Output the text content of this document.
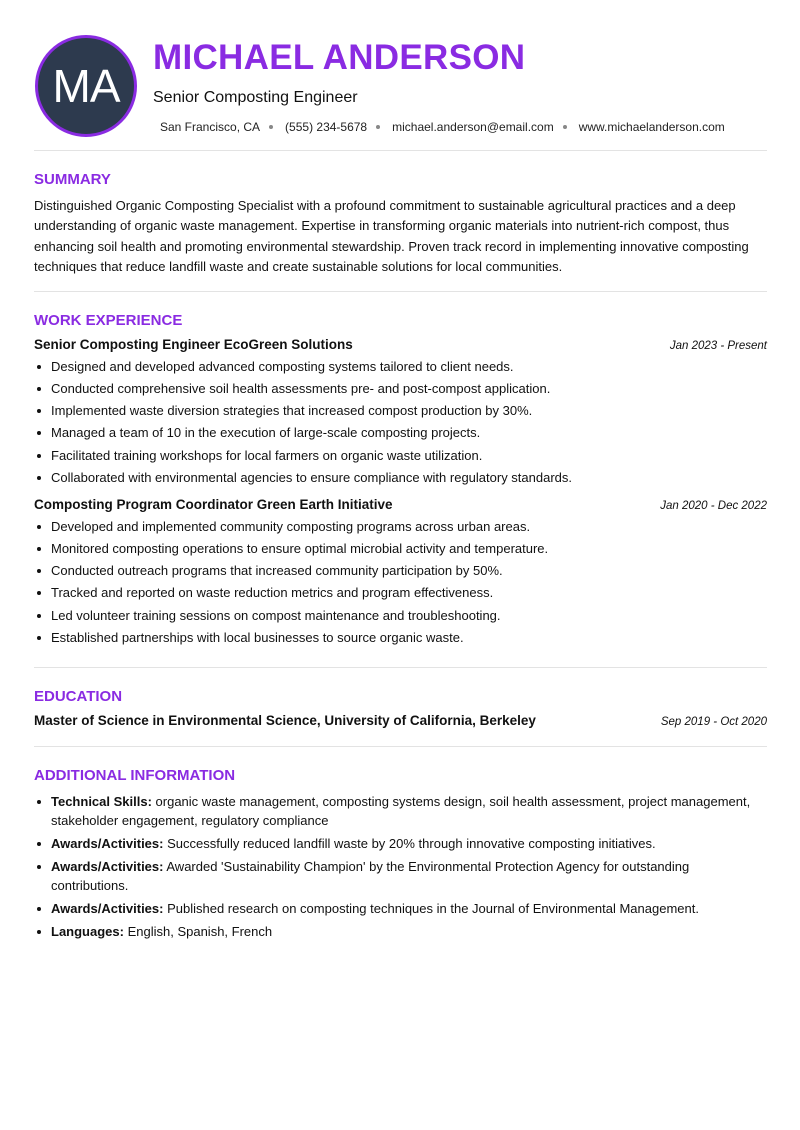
MA
MICHAEL ANDERSON
Senior Composting Engineer
San Francisco, CA (555) 234-5678 michael.anderson@email.com www.michaelanderson.com
SUMMARY

Distinguished Organic Composting Specialist with a profound commitment to sustainable agricultural practices and a deep understanding of organic waste management. Expertise in transforming organic materials into nutrient-rich compost, thus enhancing soil health and promoting environmental stewardship. Proven track record in implementing innovative composting techniques that reduce landfill waste and create sustainable solutions for local communities.

WORK EXPERIENCE
Senior Composting Engineer EcoGreen Solutions	Jan 2023 - Present
Designed and developed advanced composting systems tailored to client needs.
Conducted comprehensive soil health assessments pre- and post-compost application.
Implemented waste diversion strategies that increased compost production by 30%.
Managed a team of 10 in the execution of large-scale composting projects.
Facilitated training workshops for local farmers on organic waste utilization.
Collaborated with environmental agencies to ensure compliance with regulatory standards.
Composting Program Coordinator Green Earth Initiative	Jan 2020 - Dec 2022
Developed and implemented community composting programs across urban areas.
Monitored composting operations to ensure optimal microbial activity and temperature.
Conducted outreach programs that increased community participation by 50%.
Tracked and reported on waste reduction metrics and program effectiveness.
Led volunteer training sessions on compost maintenance and troubleshooting.
Established partnerships with local businesses to source organic waste.
EDUCATION
Master of Science in Environmental Science, University of California, Berkeley	Sep 2019 - Oct 2020
ADDITIONAL INFORMATION
Technical Skills: organic waste management, composting systems design, soil health assessment, project management, stakeholder engagement, regulatory compliance
Awards/Activities: Successfully reduced landfill waste by 20% through innovative composting initiatives.
Awards/Activities: Awarded 'Sustainability Champion' by the Environmental Protection Agency for outstanding contributions.
Awards/Activities: Published research on composting techniques in the Journal of Environmental Management.
Languages: English, Spanish, French
